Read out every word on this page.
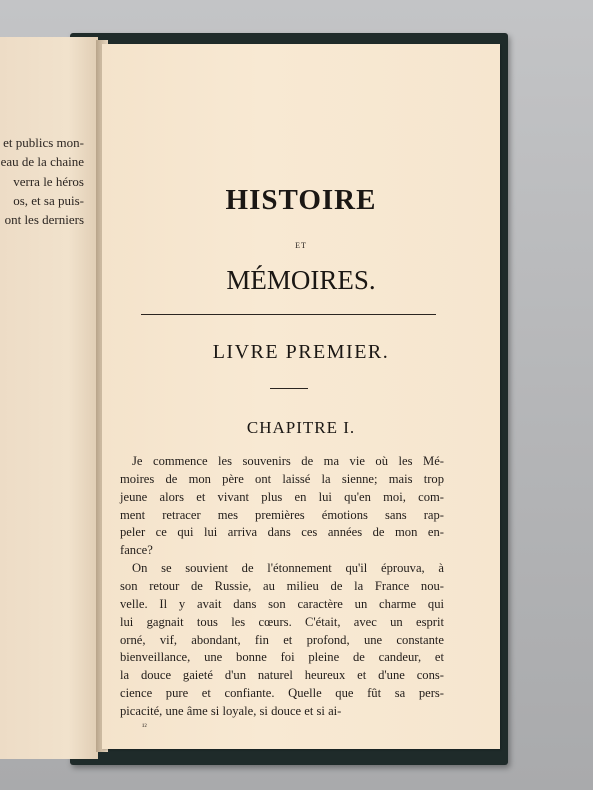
et publics mon-
eau de la chaine
verra le héros
os, et sa puis-
ont les derniers
HISTOIRE
ET
MÉMOIRES.
LIVRE PREMIER.
CHAPITRE I.
Je commence les souvenirs de ma vie où les Mé-
moires de mon père ont laissé la sienne; mais trop
jeune alors et vivant plus en lui qu'en moi, com-
ment retracer mes premières émotions sans rap-
peler ce qui lui arriva dans ces années de mon en-
fance?
On se souvient de l'étonnement qu'il éprouva, à
son retour de Russie, au milieu de la France nou-
velle. Il y avait dans son caractère un charme qui
lui gagnait tous les cœurs. C'était, avec un esprit
orné, vif, abondant, fin et profond, une constante
bienveillance, une bonne foi pleine de candeur, et
la douce gaieté d'un naturel heureux et d'une cons-
¹²
cience pure et confiante. Quelle que fût sa pers-
picacité, une âme si loyale, si douce et si ai-
